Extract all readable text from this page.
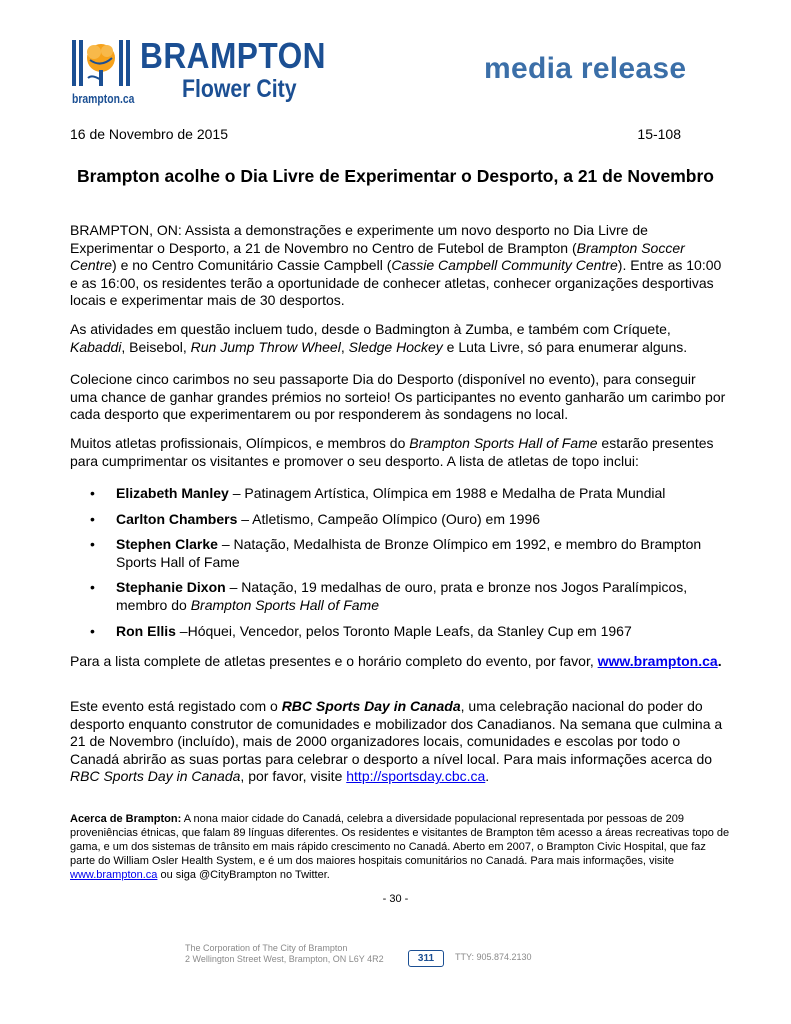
BRAMPTON
Flower City
brampton.ca
media release
16 de Novembro de 2015	15-108
Brampton acolhe o Dia Livre de Experimentar o Desporto, a 21 de Novembro
BRAMPTON, ON: Assista a demonstrações e experimente um novo desporto no Dia Livre de Experimentar o Desporto, a 21 de Novembro no Centro de Futebol de Brampton (Brampton Soccer Centre) e no Centro Comunitário Cassie Campbell (Cassie Campbell Community Centre). Entre as 10:00 e as 16:00, os residentes terão a oportunidade de conhecer atletas, conhecer organizações desportivas locais e experimentar mais de 30 desportos.
As atividades em questão incluem tudo, desde o Badmington à Zumba, e também com Críquete, Kabaddi, Beisebol, Run Jump Throw Wheel, Sledge Hockey e Luta Livre, só para enumerar alguns.
Colecione cinco carimbos no seu passaporte Dia do Desporto (disponível no evento), para conseguir uma chance de ganhar grandes prémios no sorteio! Os participantes no evento ganharão um carimbo por cada desporto que experimentarem ou por responderem às sondagens no local.
Muitos atletas profissionais, Olímpicos, e membros do Brampton Sports Hall of Fame estarão presentes para cumprimentar os visitantes e promover o seu desporto. A lista de atletas de topo inclui:
• Elizabeth Manley – Patinagem Artística, Olímpica em 1988 e Medalha de Prata Mundial
• Carlton Chambers – Atletismo, Campeão Olímpico (Ouro) em 1996
• Stephen Clarke – Natação, Medalhista de Bronze Olímpico em 1992, e membro do Brampton Sports Hall of Fame
• Stephanie Dixon – Natação, 19 medalhas de ouro, prata e bronze nos Jogos Paralímpicos, membro do Brampton Sports Hall of Fame
• Ron Ellis –Hóquei, Vencedor, pelos Toronto Maple Leafs, da Stanley Cup em 1967
Para a lista complete de atletas presentes e o horário completo do evento, por favor, www.brampton.ca.
Este evento está registado com o RBC Sports Day in Canada, uma celebração nacional do poder do desporto enquanto construtor de comunidades e mobilizador dos Canadianos. Na semana que culmina a 21 de Novembro (incluído), mais de 2000 organizadores locais, comunidades e escolas por todo o Canadá abrirão as suas portas para celebrar o desporto a nível local. Para mais informações acerca do RBC Sports Day in Canada, por favor, visite http://sportsday.cbc.ca.
Acerca de Brampton: A nona maior cidade do Canadá, celebra a diversidade populacional representada por pessoas de 209 proveniências étnicas, que falam 89 línguas diferentes. Os residentes e visitantes de Brampton têm acesso a áreas recreativas topo de gama, e um dos sistemas de trânsito em mais rápido crescimento no Canadá. Aberto em 2007, o Brampton Civic Hospital, que faz parte do William Osler Health System, e é um dos maiores hospitais comunitários no Canadá. Para mais informações, visite www.brampton.ca ou siga @CityBrampton no Twitter.
- 30 -
The Corporation of The City of Brampton
2 Wellington Street West, Brampton, ON L6Y 4R2	311	TTY: 905.874.2130
